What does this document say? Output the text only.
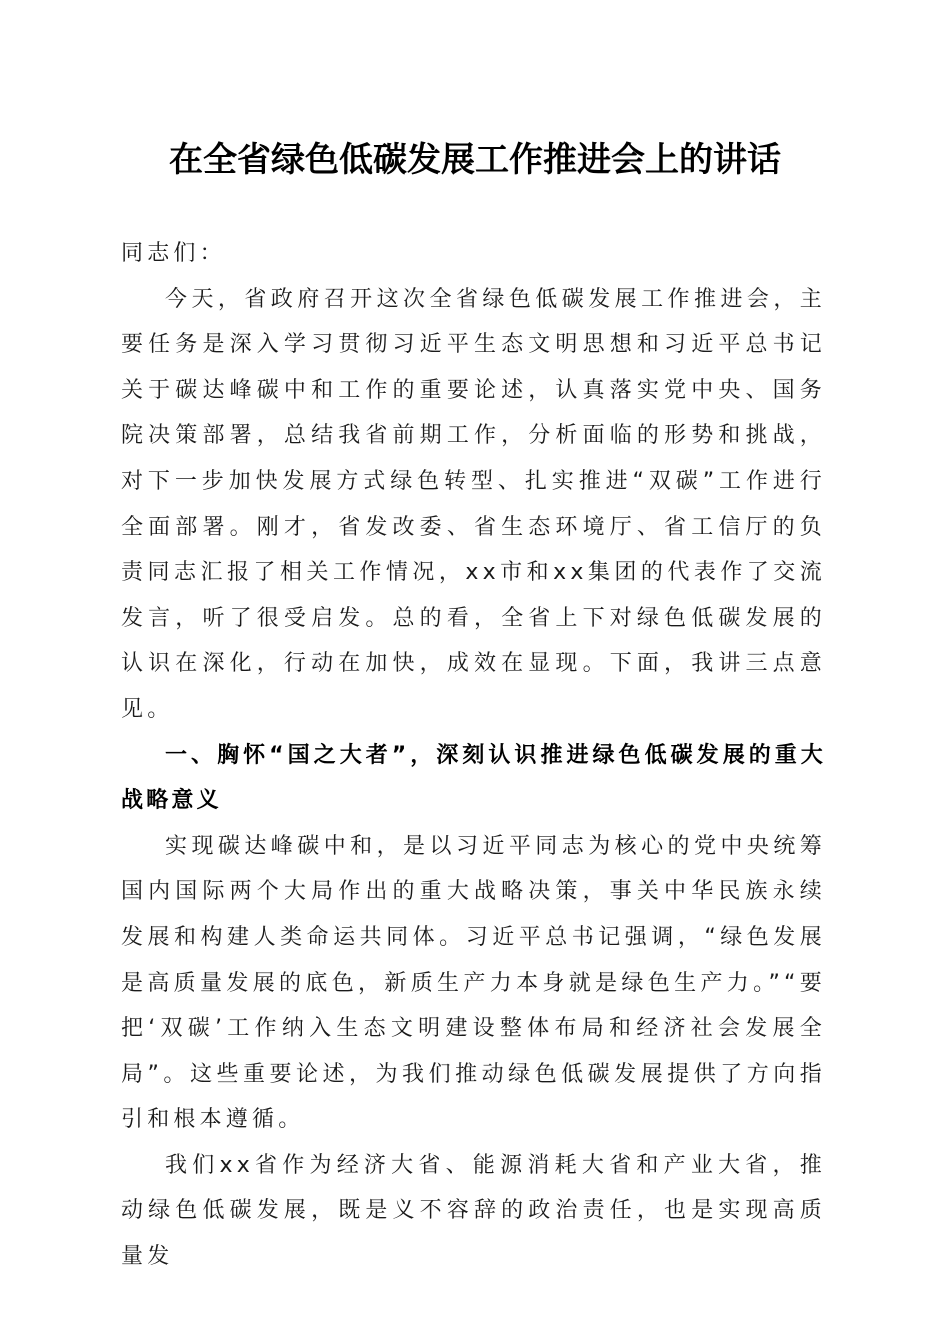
在全省绿色低碳发展工作推进会上的讲话

同志们：

今天，省政府召开这次全省绿色低碳发展工作推进会，主要任务是深入学习贯彻习近平生态文明思想和习近平总书记关于碳达峰碳中和工作的重要论述，认真落实党中央、国务院决策部署，总结我省前期工作，分析面临的形势和挑战，对下一步加快发展方式绿色转型、扎实推进“双碳”工作进行全面部署。刚才，省发改委、省生态环境厅、省工信厅的负责同志汇报了相关工作情况，xx市和xx集团的代表作了交流发言，听了很受启发。总的看，全省上下对绿色低碳发展的认识在深化，行动在加快，成效在显现。下面，我讲三点意见。

一、胸怀“国之大者”，深刻认识推进绿色低碳发展的重大战略意义

实现碳达峰碳中和，是以习近平同志为核心的党中央统筹国内国际两个大局作出的重大战略决策，事关中华民族永续发展和构建人类命运共同体。习近平总书记强调，“绿色发展是高质量发展的底色，新质生产力本身就是绿色生产力。”“要把‘双碳’工作纳入生态文明建设整体布局和经济社会发展全局”。这些重要论述，为我们推动绿色低碳发展提供了方向指引和根本遵循。

我们xx省作为经济大省、能源消耗大省和产业大省，推动绿色低碳发展，既是义不容辞的政治责任，也是实现高质量发
